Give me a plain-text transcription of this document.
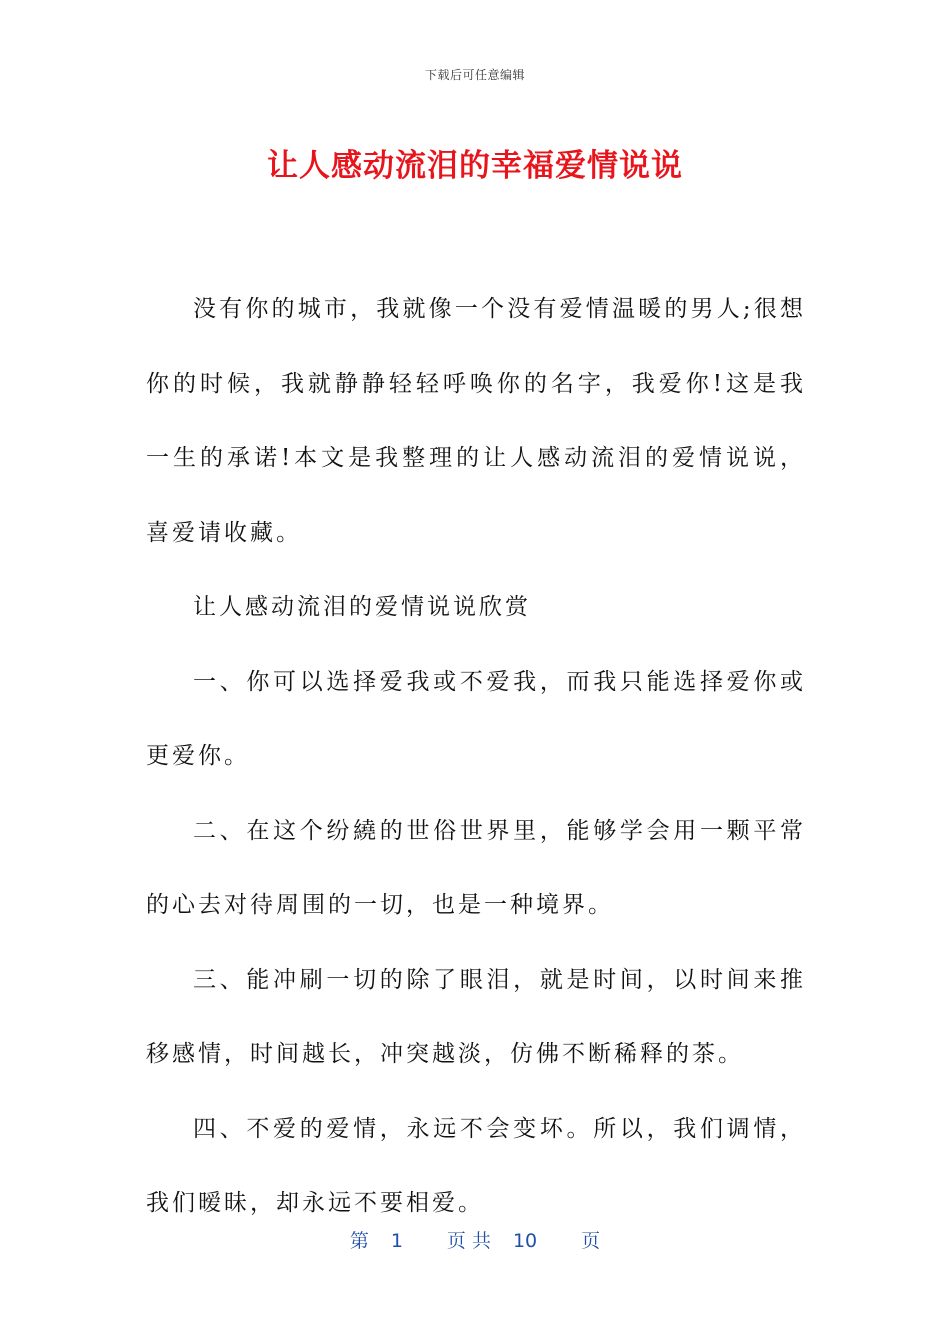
下载后可任意编辑
让人感动流泪的幸福爱情说说

没有你的城市，我就像一个没有爱情温暖的男人;很想你的时候，我就静静轻轻呼唤你的名字，我爱你!这是我一生的承诺!本文是我整理的让人感动流泪的爱情说说，喜爱请收藏。

让人感动流泪的爱情说说欣赏

一、你可以选择爱我或不爱我，而我只能选择爱你或更爱你。

二、在这个纷繞的世俗世界里，能够学会用一颗平常的心去对待周围的一切，也是一种境界。

三、能冲刷一切的除了眼泪，就是时间，以时间来推移感情，时间越长，冲突越淡，仿佛不断稀释的茶。

四、不爱的爱情，永远不会变坏。所以，我们调情，我们暧昧，却永远不要相爱。

第 1 页 共 10 页
